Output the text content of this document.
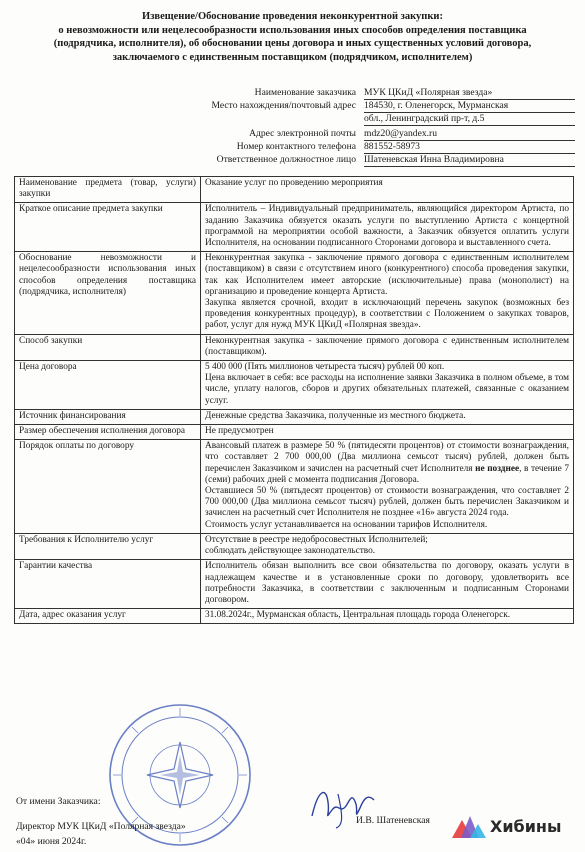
Извещение/Обоснование проведения неконкурентной закупки:
о невозможности или нецелесообразности использования иных способов определения поставщика
(подрядчика, исполнителя), об обосновании цены договора и иных существенных условий договора,
заключаемого с единственным поставщиком (подрядчиком, исполнителем)
Наименование заказчика МУК ЦКиД «Полярная звезда»
Место нахождения/почтовый адрес 184530, г. Оленегорск, Мурманская
обл., Ленинградский пр-т, д.5
Адрес электронной почты mdz20@yandex.ru
Номер контактного телефона 881552-58973
Ответственное должностное лицо Шатеневская Инна Владимировна
Наименование предмета (товар, услуги) закупки	Оказание услуг по проведению мероприятия
Краткое описание предмета закупки	Исполнитель – Индивидуальный предприниматель, являющийся директором Артиста, по заданию Заказчика обязуется оказать услуги по выступлению Артиста с концертной программой на мероприятии особой важности, а Заказчик обязуется оплатить услуги Исполнителя, на основании подписанного Сторонами договора и выставленного счета.
Обоснование невозможности и нецелесообразности использования иных способов определения поставщика (подрядчика, исполнителя)	Неконкурентная закупка - заключение прямого договора с единственным исполнителем (поставщиком) в связи с отсутствием иного (конкурентного) способа проведения закупки, так как Исполнителем имеет авторские (исключительные) права (монополист) на организацию и проведение концерта Артиста.

Закупка является срочной, входит в исключающий перечень закупок (возможных без проведения конкурентных процедур), в соответствии с Положением о закупках товаров, работ, услуг для нужд МУК ЦКиД «Полярная звезда».

Способ закупки	Неконкурентная закупка - заключение прямого договора с единственным исполнителем (поставщиком).
Цена договора	5 400 000 (Пять миллионов четыреста тысяч) рублей 00 коп.

Цена включает в себя: все расходы на исполнение заявки Заказчика в полном объеме, в том числе, уплату налогов, сборов и других обязательных платежей, связанные с оказанием услуг.

Источник финансирования	Денежные средства Заказчика, полученные из местного бюджета.
Размер обеспечения исполнения договора	Не предусмотрен
Порядок оплаты по договору	Авансовый платеж в размере 50 % (пятидесяти процентов) от стоимости вознаграждения, что составляет 2 700 000,00 (Два миллиона семьсот тысяч) рублей, должен быть перечислен Заказчиком и зачислен на расчетный счет Исполнителя не позднее, в течение 7 (семи) рабочих дней с момента подписания Договора.

Оставшиеся 50 % (пятьдесят процентов) от стоимости вознаграждения, что составляет 2 700 000,00 (Два миллиона семьсот тысяч) рублей, должен быть перечислен Заказчиком и зачислен на расчетный счет Исполнителя не позднее «16» августа 2024 года.

Стоимость услуг устанавливается на основании тарифов Исполнителя.

Требования к Исполнителю услуг	Отсутствие в реестре недобросовестных Исполнителей;

соблюдать действующее законодательство.

Гарантии качества	Исполнитель обязан выполнить все свои обязательства по договору, оказать услуги в надлежащем качестве и в установленные сроки по договору, удовлетворить все потребности Заказчика, в соответствии с заключенным и подписанным Сторонами договором.
Дата, адрес оказания услуг	31.08.2024г., Мурманская область, Центральная площадь города Оленегорск.
От имени Заказчика:
Директор МУК ЦКиД «Полярная звезда»
«04» июня 2024г.
И.В. Шатеневская	Хибины
